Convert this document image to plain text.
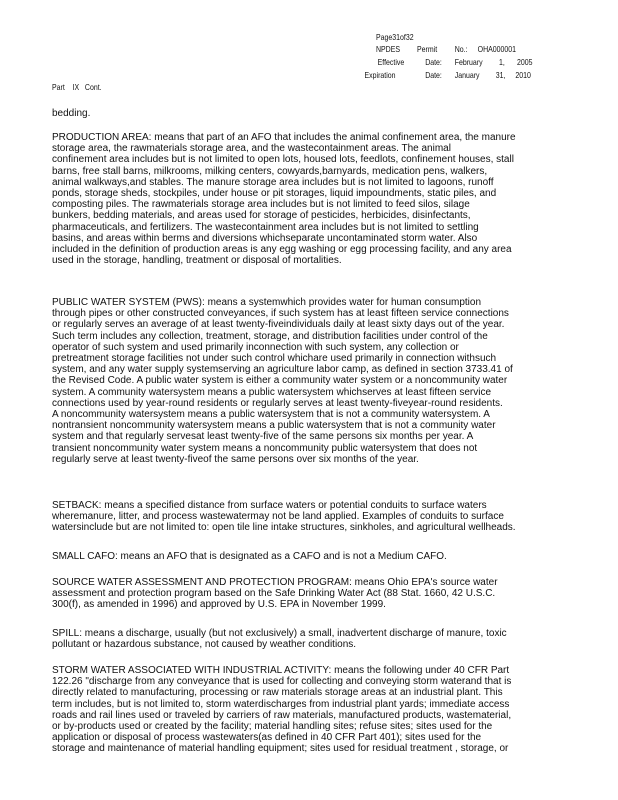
Page31of32
NPDES Permit No.: OHA000001
Effective Date: February 1, 2005
Expiration	Date: January 31, 2010
Part    IX   Cont.
bedding.
PRODUCTION AREA: means that part of an AFO that includes the animal confinement area, the manure
storage area, the rawmaterials storage area, and the wastecontainment areas. The animal
confinement area includes but is not limited to open lots, housed lots, feedlots, confinement houses, stall
barns, free stall barns, milkrooms, milking centers, cowyards,barnyards, medication pens, walkers,
animal walkways,and stables. The manure storage area includes but is not limited to lagoons, runoff
ponds, storage sheds, stockpiles, under house or pit storages, liquid impoundments, static piles, and
composting piles. The rawmaterials storage area includes but is not limited to feed silos, silage
bunkers, bedding materials, and areas used for storage of pesticides, herbicides, disinfectants,
pharmaceuticals, and fertilizers. The wastecontainment area includes but is not limited to settling
basins, and areas within berms and diversions whichseparate uncontaminated storm water. Also
included in the definition of production areas is any egg washing or egg processing facility, and any area
used in the storage, handling, treatment or disposal of mortalities.
PUBLIC WATER SYSTEM (PWS): means a systemwhich provides water for human consumption
through pipes or other constructed conveyances, if such system has at least fifteen service connections
or regularly serves an average of at least twenty-fiveindividuals daily at least sixty days out of the year.
Such term includes any collection, treatment, storage, and distribution facilities under control of the
operator of such system and used primarily inconnection with such system, any collection or
pretreatment storage facilities not under such control whichare used primarily in connection withsuch
system, and any water supply systemserving an agriculture labor camp, as defined in section 3733.41 of
the Revised Code. A public water system is either a community water system or a noncommunity water
system. A community watersystem means a public watersystem whichserves at least fifteen service
connections used by year-round residents or regularly serves at least twenty-fiveyear-round residents.
A noncommunity watersystem means a public watersystem that is not a community watersystem. A
nontransient noncommunity watersystem means a public watersystem that is not a community water
system and that regularly servesat least twenty-five of the same persons six months per year. A
transient noncommunity water system means a noncommunity public watersystem that does not
regularly serve at least twenty-fiveof the same persons over six months of the year.
SETBACK: means a specified distance from surface waters or potential conduits to surface waters
wheremanure, litter, and process wastewatermay not be land applied. Examples of conduits to surface
watersinclude but are not limited to: open tile line intake structures, sinkholes, and agricultural wellheads.
SMALL CAFO: means an AFO that is designated as a CAFO and is not a Medium CAFO.
SOURCE WATER ASSESSMENT AND PROTECTION PROGRAM: means Ohio EPA's source water
assessment and protection program based on the Safe Drinking Water Act (88 Stat. 1660, 42 U.S.C.
300(f), as amended in 1996) and approved by U.S. EPA in November 1999.
SPILL: means a discharge, usually (but not exclusively) a small, inadvertent discharge of manure, toxic
pollutant or hazardous substance, not caused by weather conditions.
STORM WATER ASSOCIATED WITH INDUSTRIAL ACTIVITY: means the following under 40 CFR Part
122.26 "discharge from any conveyance that is used for collecting and conveying storm waterand that is
directly related to manufacturing, processing or raw materials storage areas at an industrial plant. This
term includes, but is not limited to, storm waterdischarges from industrial plant yards; immediate access
roads and rail lines used or traveled by carriers of raw materials, manufactured products, wastematerial,
or by-products used or created by the facility; material handling sites; refuse sites; sites used for the
application or disposal of process wastewaters(as defined in 40 CFR Part 401); sites used for the
storage and maintenance of material handling equipment; sites used for residual treatment , storage, or
